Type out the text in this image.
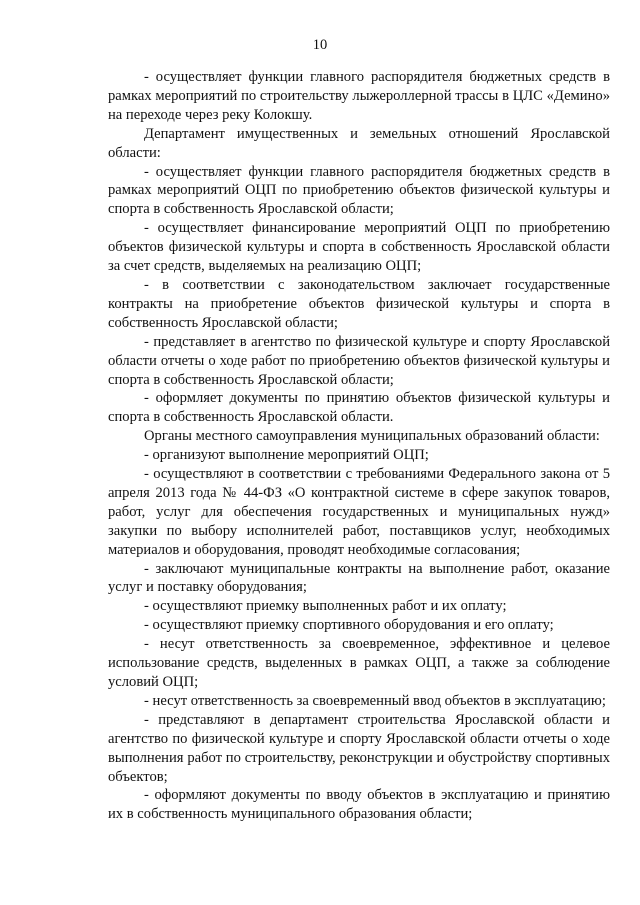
10

- осуществляет функции главного распорядителя бюджетных средств в рамках мероприятий по строительству лыжероллерной трассы в ЦЛС «Демино» на переходе через реку Колокшу.

Департамент имущественных и земельных отношений Ярославской области:

- осуществляет функции главного распорядителя бюджетных средств в рамках мероприятий ОЦП по приобретению объектов физической культуры и спорта в собственность Ярославской области;

- осуществляет финансирование мероприятий ОЦП по приобретению объектов физической культуры и спорта в собственность Ярославской области за счет средств, выделяемых на реализацию ОЦП;

- в соответствии с законодательством заключает государственные контракты на приобретение объектов физической культуры и спорта в собственность Ярославской области;

- представляет в агентство по физической культуре и спорту Ярославской области отчеты о ходе работ по приобретению объектов физической культуры и спорта в собственность Ярославской области;

- оформляет документы по принятию объектов физической культуры и спорта в собственность Ярославской области.

Органы местного самоуправления муниципальных образований области:

- организуют выполнение мероприятий ОЦП;

- осуществляют в соответствии с требованиями Федерального закона от 5 апреля 2013 года № 44-ФЗ «О контрактной системе в сфере закупок товаров, работ, услуг для обеспечения государственных и муниципальных нужд» закупки по выбору исполнителей работ, поставщиков услуг, необходимых материалов и оборудования, проводят необходимые согласования;

- заключают муниципальные контракты на выполнение работ, оказание услуг и поставку оборудования;

- осуществляют приемку выполненных работ и их оплату;

- осуществляют приемку спортивного оборудования и его оплату;

- несут ответственность за своевременное, эффективное и целевое использование средств, выделенных в рамках ОЦП, а также за соблюдение условий ОЦП;

- несут ответственность за своевременный ввод объектов в эксплуатацию;

- представляют в департамент строительства Ярославской области и агентство по физической культуре и спорту Ярославской области отчеты о ходе выполнения работ по строительству, реконструкции и обустройству спортивных объектов;

- оформляют документы по вводу объектов в эксплуатацию и принятию их в собственность муниципального образования области;
